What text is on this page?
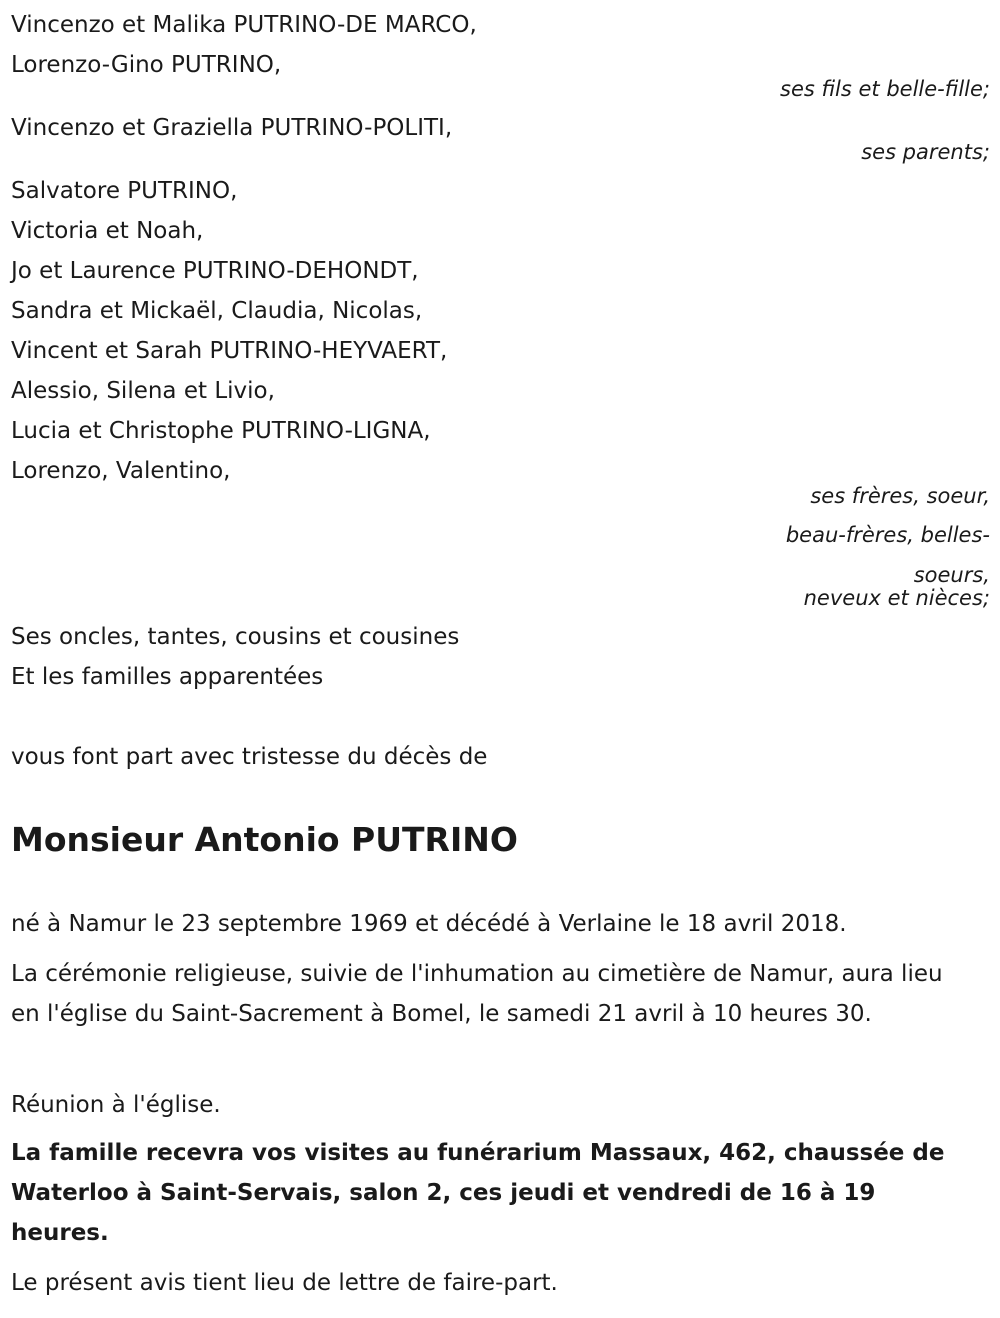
Vincenzo et Malika PUTRINO-DE MARCO,
Lorenzo-Gino PUTRINO,
ses fils et belle-fille;
Vincenzo et Graziella PUTRINO-POLITI,
ses parents;
Salvatore PUTRINO,
Victoria et Noah,
Jo et Laurence PUTRINO-DEHONDT,
Sandra et Mickaël, Claudia, Nicolas,
Vincent et Sarah PUTRINO-HEYVAERT,
Alessio, Silena et Livio,
Lucia et Christophe PUTRINO-LIGNA,
Lorenzo, Valentino,
ses frères, soeur,
beau-frères, belles-
soeurs,
neveux et nièces;
Ses oncles, tantes, cousins et cousines
Et les familles apparentées
vous font part avec tristesse du décès de
Monsieur Antonio PUTRINO
né à Namur le 23 septembre 1969 et décédé à Verlaine le 18 avril 2018.
La cérémonie religieuse, suivie de l'inhumation au cimetière de Namur, aura lieu en l'église du Saint-Sacrement à Bomel, le samedi 21 avril à 10 heures 30.
Réunion à l'église.
La famille recevra vos visites au funérarium Massaux, 462, chaussée de Waterloo à Saint-Servais, salon 2, ces jeudi et vendredi de 16 à 19 heures.
Le présent avis tient lieu de lettre de faire-part.
